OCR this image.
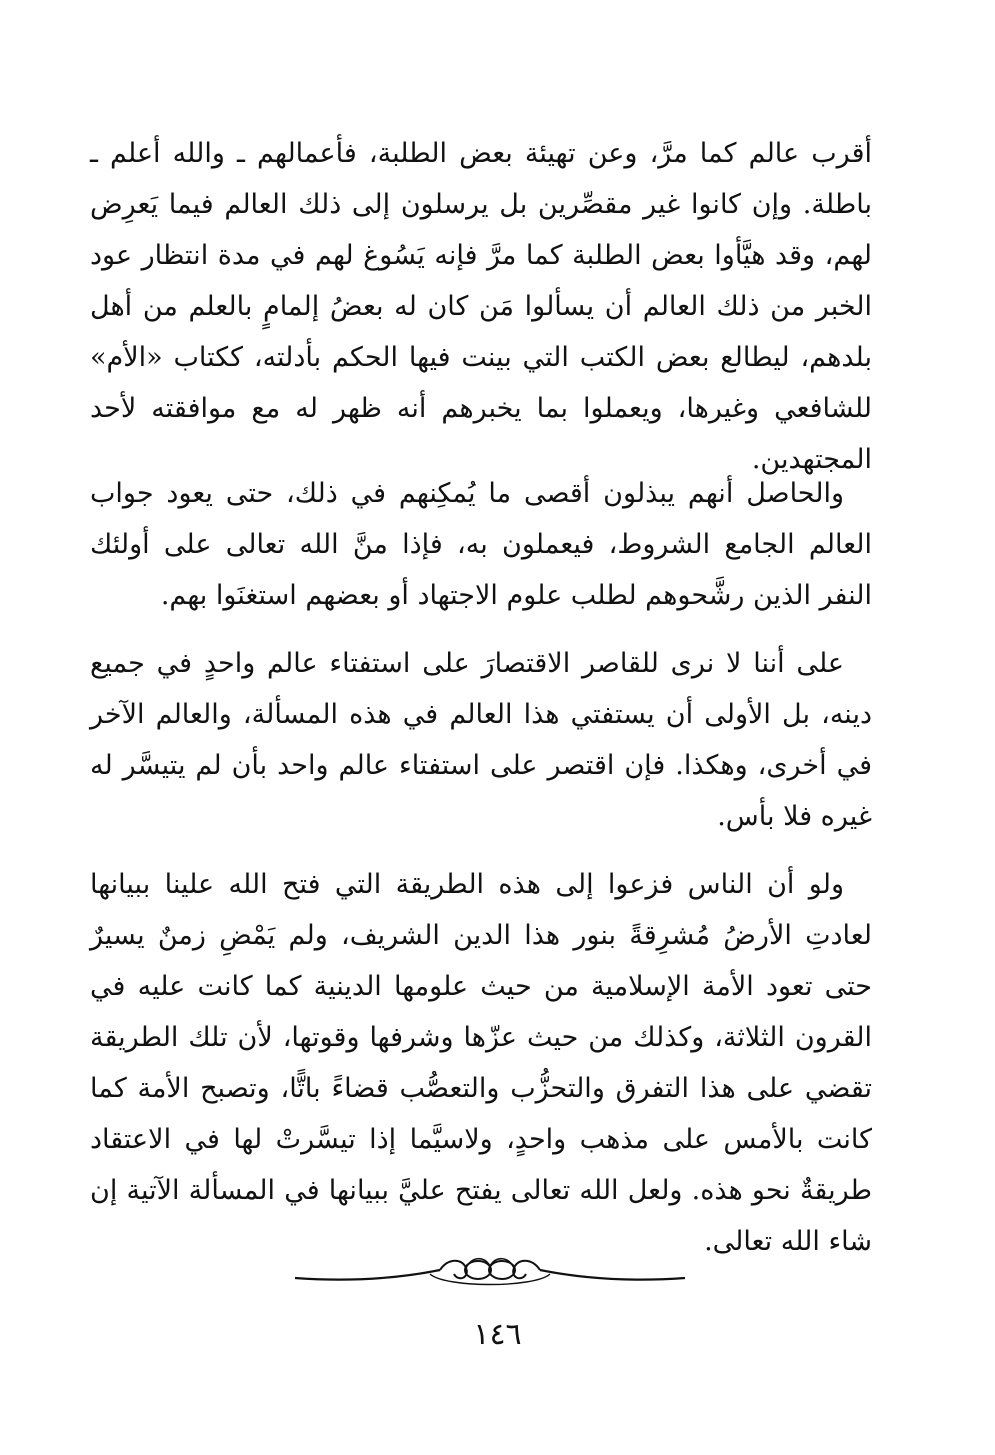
أقرب عالم كما مرَّ، وعن تهيئة بعض الطلبة، فأعمالهم ـ والله أعلم ـ باطلة. وإن كانوا غير مقصِّرين بل يرسلون إلى ذلك العالم فيما يَعرِض لهم، وقد هيَّأوا بعض الطلبة كما مرَّ فإنه يَسُوغ لهم في مدة انتظار عود الخبر من ذلك العالم أن يسألوا مَن كان له بعضُ إلمامٍ بالعلم من أهل بلدهم، ليطالع بعض الكتب التي بينت فيها الحكم بأدلته، ككتاب «الأم» للشافعي وغيرها، ويعملوا بما يخبرهم أنه ظهر له مع موافقته لأحد المجتهدين.

والحاصل أنهم يبذلون أقصى ما يُمكِنهم في ذلك، حتى يعود جواب العالم الجامع الشروط، فيعملون به، فإذا منَّ الله تعالى على أولئك النفر الذين رشَّحوهم لطلب علوم الاجتهاد أو بعضهم استغنَوا بهم.

على أننا لا نرى للقاصر الاقتصارَ على استفتاء عالم واحدٍ في جميع دينه، بل الأولى أن يستفتي هذا العالم في هذه المسألة، والعالم الآخر في أخرى، وهكذا. فإن اقتصر على استفتاء عالم واحد بأن لم يتيسَّر له غيره فلا بأس.

ولو أن الناس فزعوا إلى هذه الطريقة التي فتح الله علينا ببيانها لعادتِ الأرضُ مُشرِقةً بنور هذا الدين الشريف، ولم يَمْضِ زمنٌ يسيرٌ حتى تعود الأمة الإسلامية من حيث علومها الدينية كما كانت عليه في القرون الثلاثة، وكذلك من حيث عزّها وشرفها وقوتها، لأن تلك الطريقة تقضي على هذا التفرق والتحزُّب والتعصُّب قضاءً باتًّا، وتصبح الأمة كما كانت بالأمس على مذهب واحدٍ، ولاسيَّما إذا تيسَّرتْ لها في الاعتقاد طريقةٌ نحو هذه. ولعل الله تعالى يفتح عليَّ ببيانها في المسألة الآتية إن شاء الله تعالى.

١٤٦
